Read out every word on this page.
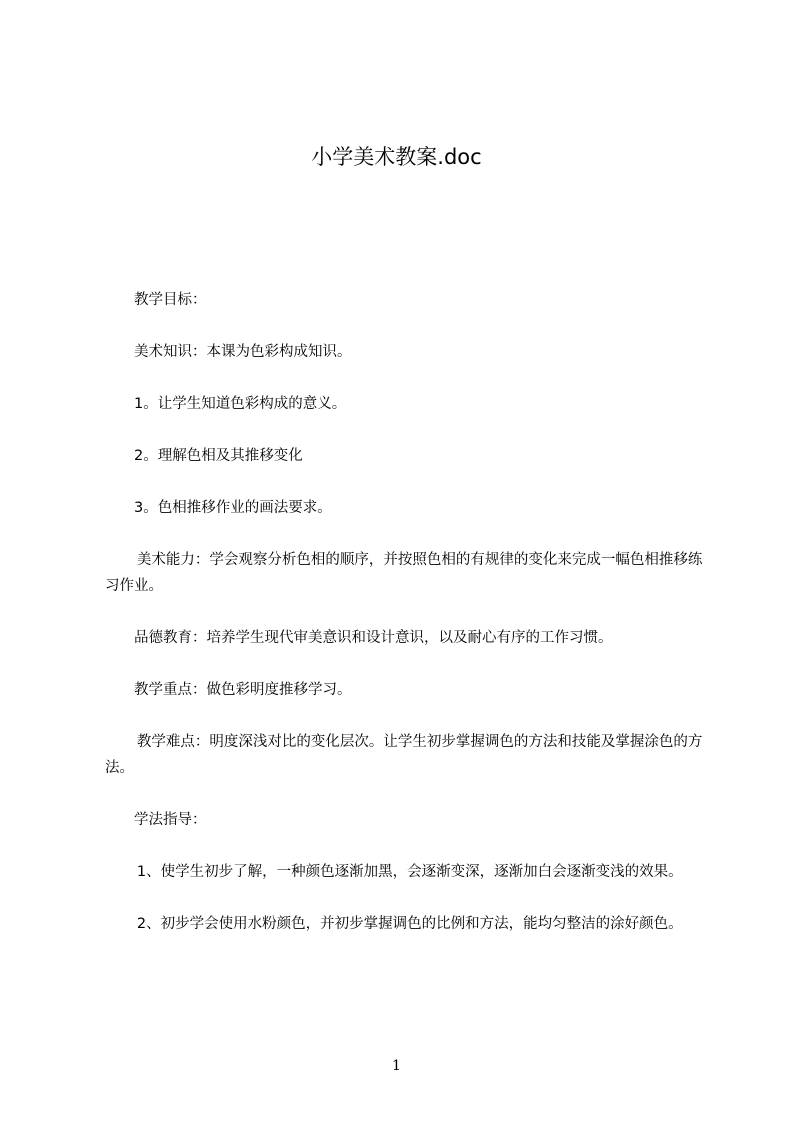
小学美术教案.doc

教学目标：

美术知识：本课为色彩构成知识。

1。让学生知道色彩构成的意义。

2。理解色相及其推移变化

3。色相推移作业的画法要求。

美术能力：学会观察分析色相的顺序，并按照色相的有规律的变化来完成一幅色相推移练习作业。

品德教育：培养学生现代审美意识和设计意识，以及耐心有序的工作习惯。

教学重点：做色彩明度推移学习。

教学难点：明度深浅对比的变化层次。让学生初步掌握调色的方法和技能及掌握涂色的方法。

学法指导：

1、使学生初步了解，一种颜色逐渐加黑，会逐渐变深，逐渐加白会逐渐变浅的效果。

2、初步学会使用水粉颜色，并初步掌握调色的比例和方法，能均匀整洁的涂好颜色。

1
